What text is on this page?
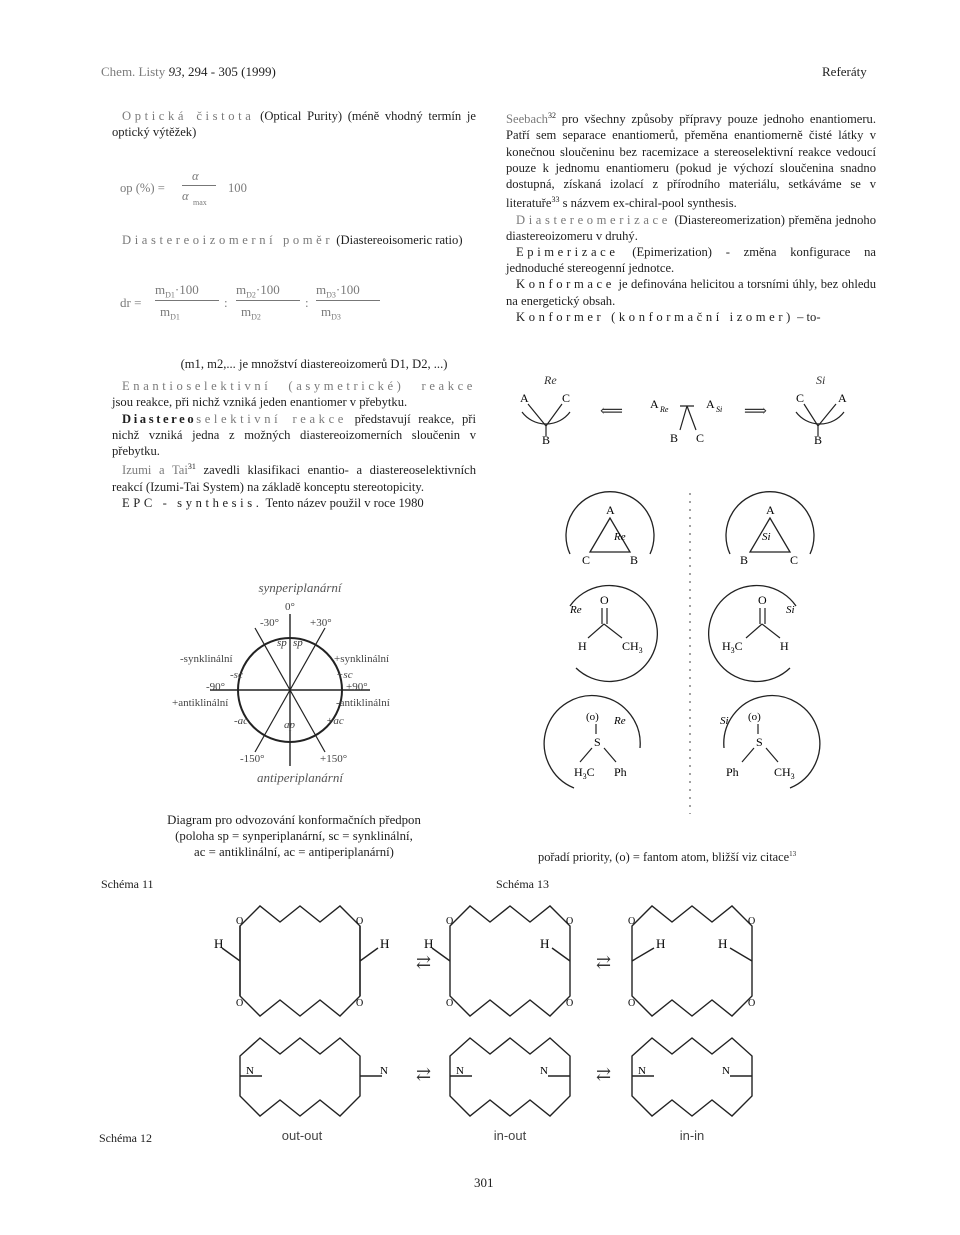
Chem. Listy 93, 294 - 305 (1999)	Referáty

Optická čistota (Optical Purity) (méně vhodný termín je optický výtěžek)

op (%) =
α
α max
100

Diastereoizomerní poměr (Diastereoisomeric ratio)

dr =
$m_{D1}\cdot 100$
$m_{D1}$
:
$m_{D2}\cdot 100$
$m_{D2}$
:
$m_{D3}\cdot 100$
$m_{D3}$

(m1, m2,... je množství diastereoizomerů D1, D2, ...)

Enantioselektivní (asymetrické) reakce jsou reakce, při nichž vzniká jeden enantiomer v přebytku.

Diastereoselektivní reakce představují reakce, při nichž vzniká jedna z možných diastereoizomerních sloučenin v přebytku.

Izumi a Tai$^{31}$ zavedli klasifikaci enantio- a diastereoselektivních reakcí (Izumi-Tai System) na základě konceptu stereotopicity.

EPC - synthesis. Tento název použil v roce 1980

Seebach$^{32}$ pro všechny způsoby přípravy pouze jednoho enantiomeru. Patří sem separace enantiomerů, přeměna enantiomerně čisté látky v konečnou sloučeninu bez racemizace a stereoselektivní reakce vedoucí pouze k jednomu enantiomeru (pokud je výchozí sloučenina snadno dostupná, získaná izolací z přírodního materiálu, setkáváme se v literatuře$^{33}$ s názvem ex-chiral-pool synthesis.

Diastereomerizace (Diastereomerization) přeměna jednoho diastereoizomeru v druhý.

Epimerizace (Epimerization) - změna konfigurace na jednoduché stereogenní jednotce.

Konformace je definována helicitou a torsními úhly, bez ohledu na energetický obsah.

Konformer (konformační izomer) – to-

synperiplanární
0°
-30°	+30°
sp sp
-synklinální	+synklinální
-sc	+sc
-90°	+90°
+antiklinální	-antiklinální
-ac	+ac
ap
-150°	+150°
antiperiplanární
Diagram pro odvozování konformačních předpon
(poloha sp = synperiplanární, sc = synklinální,
ac = antiklinální, ac = antiperiplanární)
Schéma 11
Re
A	C
B
⟸ A Re	A Si
B C
⟹
Si
C	A
B
Re
A
C	B
Si
A
B	C
Re
O
H	$CH_3$
Si
O
$H_3C$	H
(o) Re
S
$H_3C$ Ph
Si (o)
S
Ph	$CH_3$
pořadí priority, (o) = fantom atom, bližší viz citace$^{13}$
Schéma 13
H	H
O	O
O	O
N	N
⇄
⇄
H	H
O	O
O	O
N	N
⇄
⇄
H	H
O	O
O	O
N	N
out-out	in-out	in-in
Schéma 12
301
